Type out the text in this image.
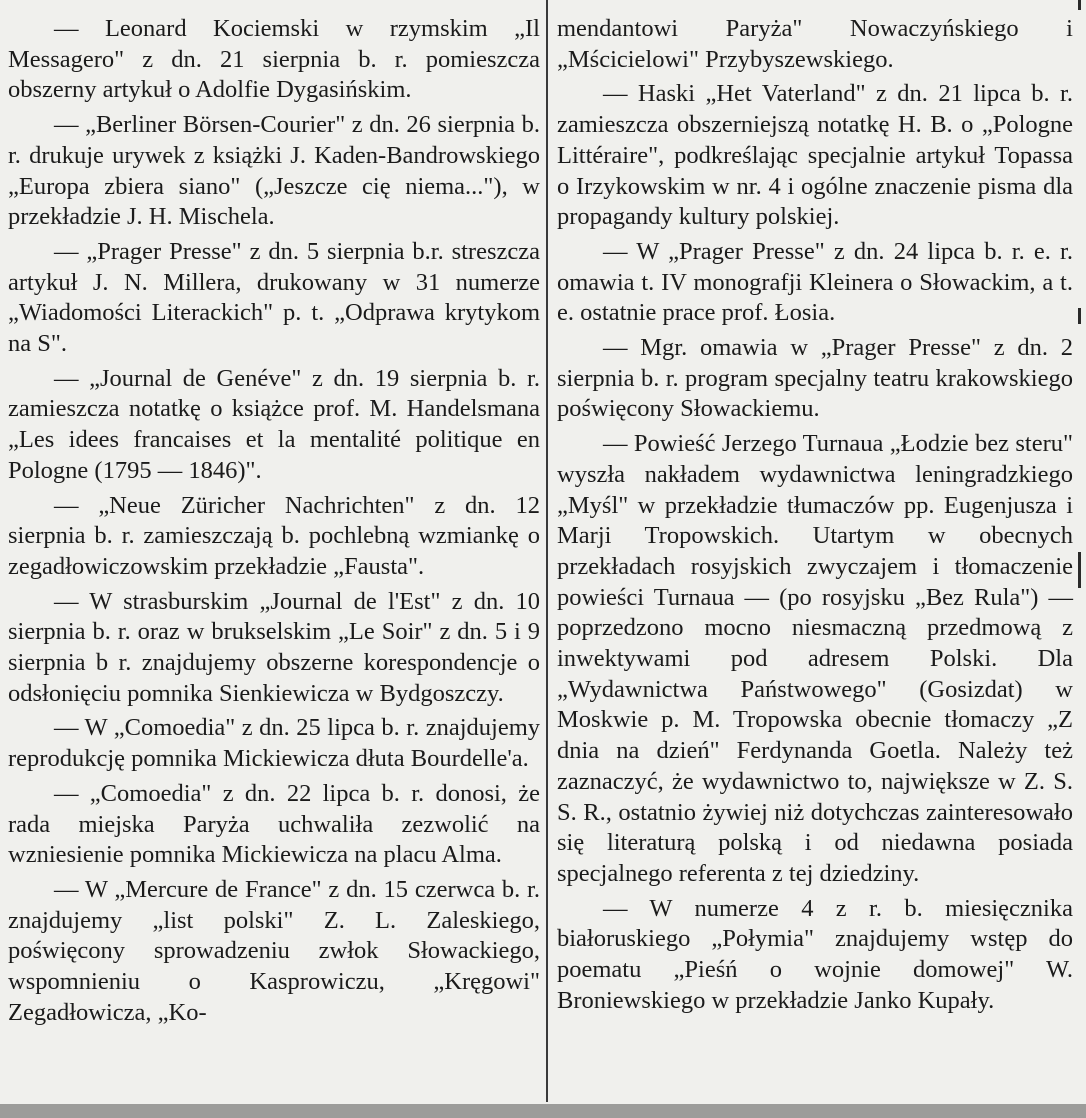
— Leonard Kociemski w rzymskim „Il Messagero" z dn. 21 sierpnia b. r. pomieszcza obszerny artykuł o Adolfie Dygasińskim.

— „Berliner Börsen-Courier" z dn. 26 sierpnia b. r. drukuje urywek z książki J. Kaden-Bandrowskiego „Europa zbiera siano" („Jeszcze cię niema..."), w przekładzie J. H. Mischela.

— „Prager Presse" z dn. 5 sierpnia b.r. streszcza artykuł J. N. Millera, drukowany w 31 numerze „Wiadomości Literackich" p. t. „Odprawa krytykom na S".

— „Journal de Genéve" z dn. 19 sierpnia b. r. zamieszcza notatkę o książce prof. M. Handelsmana „Les idees francaises et la mentalité politique en Pologne (1795 — 1846)".

— „Neue Züricher Nachrichten" z dn. 12 sierpnia b. r. zamieszczają b. pochlebną wzmiankę o zegadłowiczowskim przekładzie „Fausta".

— W strasburskim „Journal de l'Est" z dn. 10 sierpnia b. r. oraz w brukselskim „Le Soir" z dn. 5 i 9 sierpnia b r. znajdujemy obszerne korespondencje o odsłonięciu pomnika Sienkiewicza w Bydgoszczy.

— W „Comoedia" z dn. 25 lipca b. r. znajdujemy reprodukcję pomnika Mickiewicza dłuta Bourdelle'a.

— „Comoedia" z dn. 22 lipca b. r. donosi, że rada miejska Paryża uchwaliła zezwolić na wzniesienie pomnika Mickiewicza na placu Alma.

— W „Mercure de France" z dn. 15 czerwca b. r. znajdujemy „list polski" Z. L. Zaleskiego, poświęcony sprowadzeniu zwłok Słowackiego, wspomnieniu o Kasprowiczu, „Kręgowi" Zegadłowicza, „Ko-

mendantowi Paryża" Nowaczyńskiego i „Mścicielowi" Przybyszewskiego.

— Haski „Het Vaterland" z dn. 21 lipca b. r. zamieszcza obszerniejszą notatkę H. B. o „Pologne Littéraire", podkreślając specjalnie artykuł Topassa o Irzykowskim w nr. 4 i ogólne znaczenie pisma dla propagandy kultury polskiej.

— W „Prager Presse" z dn. 24 lipca b. r. e. r. omawia t. IV monografji Kleinera o Słowackim, a t. e. ostatnie prace prof. Łosia.

— Mgr. omawia w „Prager Presse" z dn. 2 sierpnia b. r. program specjalny teatru krakowskiego poświęcony Słowackiemu.

— Powieść Jerzego Turnaua „Łodzie bez steru" wyszła nakładem wydawnictwa leningradzkiego „Myśl" w przekładzie tłumaczów pp. Eugenjusza i Marji Tropowskich. Utartym w obecnych przekładach rosyjskich zwyczajem i tłomaczenie powieści Turnaua — (po rosyjsku „Bez Rula") — poprzedzono mocno niesmaczną przedmową z inwektywami pod adresem Polski. Dla „Wydawnictwa Państwowego" (Gosizdat) w Moskwie p. M. Tropowska obecnie tłomaczy „Z dnia na dzień" Ferdynanda Goetla. Należy też zaznaczyć, że wydawnictwo to, największe w Z. S. S. R., ostatnio żywiej niż dotychczas zainteresowało się literaturą polską i od niedawna posiada specjalnego referenta z tej dziedziny.

— W numerze 4 z r. b. miesięcznika białoruskiego „Połymia" znajdujemy wstęp do poematu „Pieśń o wojnie domowej" W. Broniewskiego w przekładzie Janko Kupały.
